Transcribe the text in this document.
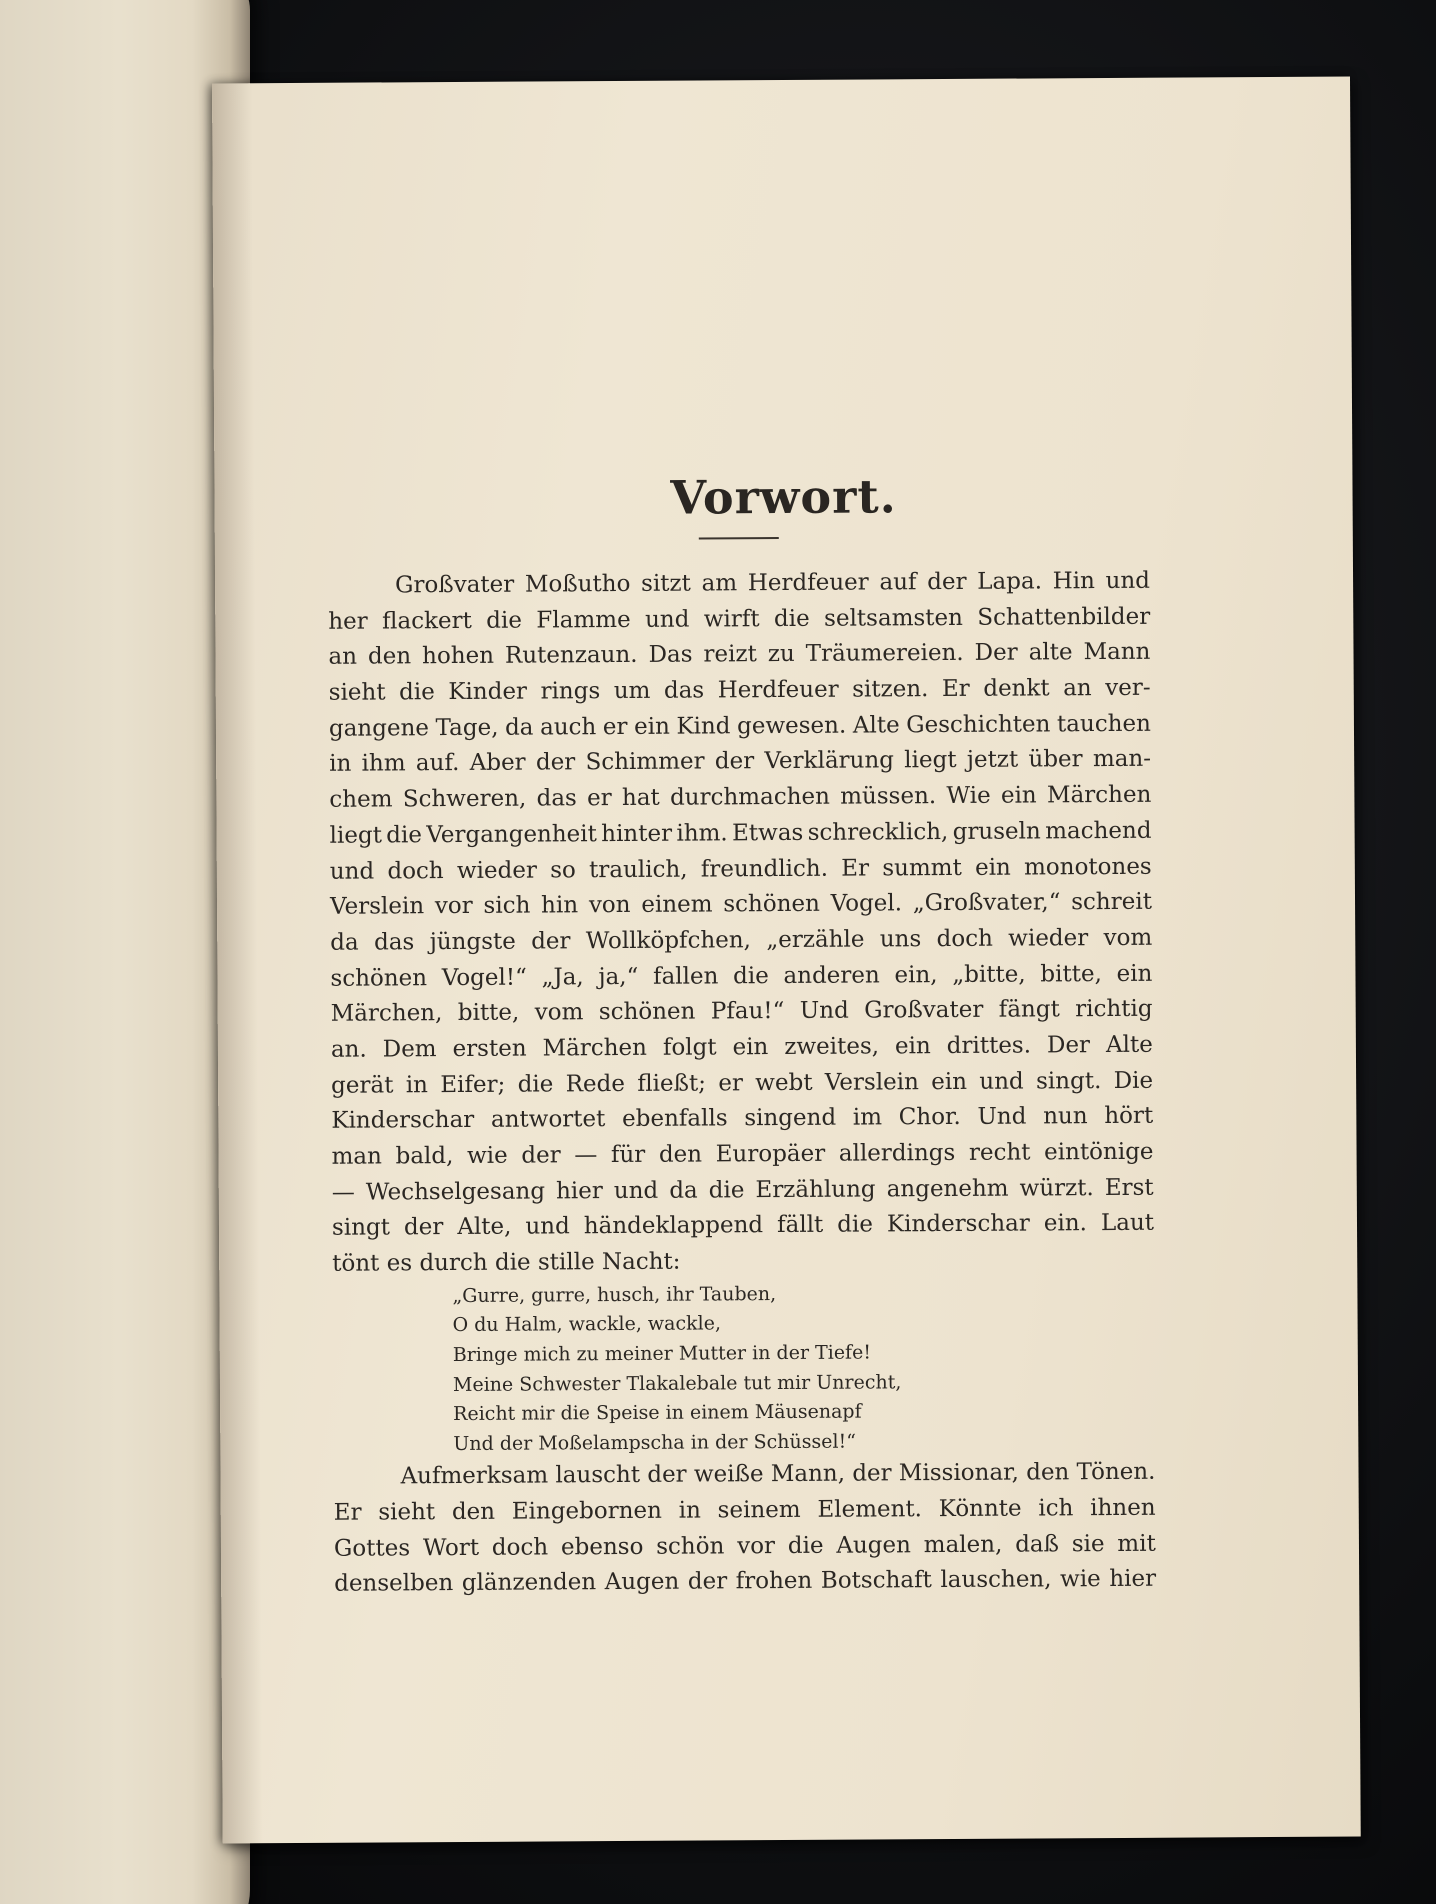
Vorwort.
Großvater Moßutho sitzt am Herdfeuer auf der Lapa. Hin und
her flackert die Flamme und wirft die seltsamsten Schattenbilder
an den hohen Rutenzaun. Das reizt zu Träumereien. Der alte Mann
sieht die Kinder rings um das Herdfeuer sitzen. Er denkt an ver-
gangene Tage, da auch er ein Kind gewesen. Alte Geschichten tauchen
in ihm auf. Aber der Schimmer der Verklärung liegt jetzt über man-
chem Schweren, das er hat durchmachen müssen. Wie ein Märchen
liegt die Vergangenheit hinter ihm. Etwas schrecklich, gruseln machend
und doch wieder so traulich, freundlich. Er summt ein monotones
Verslein vor sich hin von einem schönen Vogel. „Großvater,“ schreit
da das jüngste der Wollköpfchen, „erzähle uns doch wieder vom
schönen Vogel!“ „Ja, ja,“ fallen die anderen ein, „bitte, bitte, ein
Märchen, bitte, vom schönen Pfau!“ Und Großvater fängt richtig
an. Dem ersten Märchen folgt ein zweites, ein drittes. Der Alte
gerät in Eifer; die Rede fließt; er webt Verslein ein und singt. Die
Kinderschar antwortet ebenfalls singend im Chor. Und nun hört
man bald, wie der — für den Europäer allerdings recht eintönige
— Wechselgesang hier und da die Erzählung angenehm würzt. Erst
singt der Alte, und händeklappend fällt die Kinderschar ein. Laut
tönt es durch die stille Nacht:
„Gurre, gurre, husch, ihr Tauben,
O du Halm, wackle, wackle,
Bringe mich zu meiner Mutter in der Tiefe!
Meine Schwester Tlakalebale tut mir Unrecht,
Reicht mir die Speise in einem Mäusenapf
Und der Moßelampscha in der Schüssel!“
Aufmerksam lauscht der weiße Mann, der Missionar, den Tönen.
Er sieht den Eingebornen in seinem Element. Könnte ich ihnen
Gottes Wort doch ebenso schön vor die Augen malen, daß sie mit
denselben glänzenden Augen der frohen Botschaft lauschen, wie hier
